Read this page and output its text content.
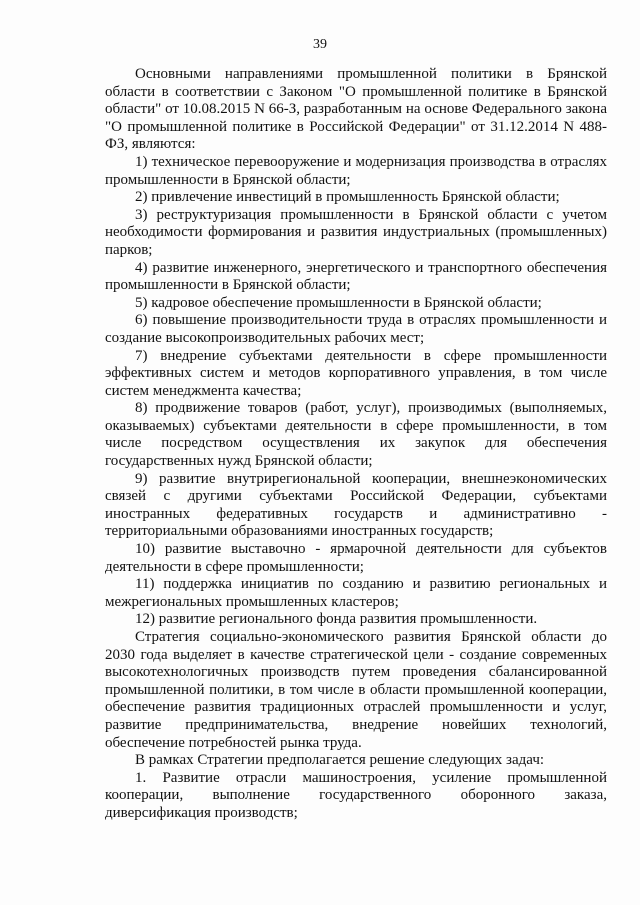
39

Основными направлениями промышленной политики в Брянской области в соответствии с Законом "О промышленной политике в Брянской области" от 10.08.2015 N 66-З, разработанным на основе Федерального закона "О промышленной политике в Российской Федерации" от 31.12.2014 N 488-ФЗ, являются:

1) техническое перевооружение и модернизация производства в отраслях промышленности в Брянской области;

2) привлечение инвестиций в промышленность Брянской области;

3) реструктуризация промышленности в Брянской области с учетом необходимости формирования и развития индустриальных (промышленных) парков;

4) развитие инженерного, энергетического и транспортного обеспечения промышленности в Брянской области;

5) кадровое обеспечение промышленности в Брянской области;

6) повышение производительности труда в отраслях промышленности и создание высокопроизводительных рабочих мест;

7) внедрение субъектами деятельности в сфере промышленности эффективных систем и методов корпоративного управления, в том числе систем менеджмента качества;

8) продвижение товаров (работ, услуг), производимых (выполняемых, оказываемых) субъектами деятельности в сфере промышленности, в том числе посредством осуществления их закупок для обеспечения государственных нужд Брянской области;

9) развитие внутрирегиональной кооперации, внешнеэкономических связей с другими субъектами Российской Федерации, субъектами иностранных федеративных государств и административно - территориальными образованиями иностранных государств;

10) развитие выставочно - ярмарочной деятельности для субъектов деятельности в сфере промышленности;

11) поддержка инициатив по созданию и развитию региональных и межрегиональных промышленных кластеров;

12) развитие регионального фонда развития промышленности.

Стратегия социально-экономического развития Брянской области до 2030 года выделяет в качестве стратегической цели - создание современных высокотехнологичных производств путем проведения сбалансированной промышленной политики, в том числе в области промышленной кооперации, обеспечение развития традиционных отраслей промышленности и услуг, развитие предпринимательства, внедрение новейших технологий, обеспечение потребностей рынка труда.

В рамках Стратегии предполагается решение следующих задач:

1. Развитие отрасли машиностроения, усиление промышленной кооперации, выполнение государственного оборонного заказа, диверсификация производств;
